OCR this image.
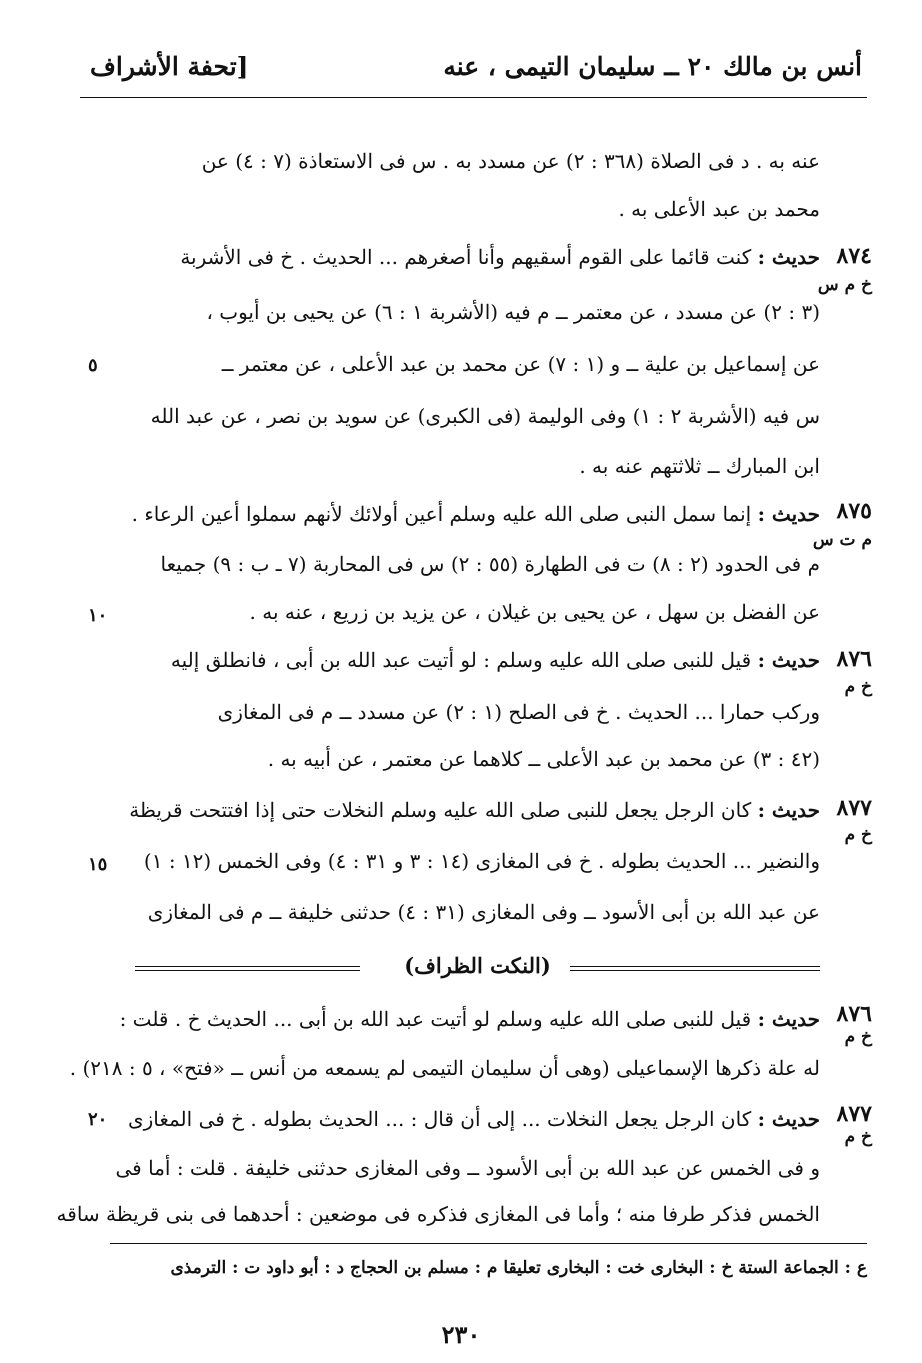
أنس بن مالك ٢٠ ــ سليمان التيمى ، عنه
[تحفة الأشراف
عنه به . د فى الصلاة (٣٦٨ : ٢) عن مسدد به . س فى الاستعاذة (٧ : ٤) عن
محمد بن عبد الأعلى به .
٨٧٤
خ م س
حديث : كنت قائما على القوم أسقيهم وأنا أصغرهم ... الحديث . خ فى الأشربة
(٣ : ٢) عن مسدد ، عن معتمر ــ م فيه (الأشربة ١ : ٦) عن يحيى بن أيوب ،
عن إسماعيل بن علية ــ و (١ : ٧) عن محمد بن عبد الأعلى ، عن معتمر ــ
٥
س فيه (الأشربة ٢ : ١) وفى الوليمة (فى الكبرى) عن سويد بن نصر ، عن عبد الله
ابن المبارك ــ ثلاثتهم عنه به .
٨٧٥
م ت س
حديث : إنما سمل النبى صلى الله عليه وسلم أعين أولائك لأنهم سملوا أعين الرعاء .
م فى الحدود (٢ : ٨) ت فى الطهارة (٥٥ : ٢) س فى المحاربة (٧ ـ ب : ٩) جميعا
عن الفضل بن سهل ، عن يحيى بن غيلان ، عن يزيد بن زريع ، عنه به .
١٠
٨٧٦
خ م
حديث : قيل للنبى صلى الله عليه وسلم : لو أتيت عبد الله بن أبى ، فانطلق إليه
وركب حمارا ... الحديث . خ فى الصلح (١ : ٢) عن مسدد ــ م فى المغازى
(٤٢ : ٣) عن محمد بن عبد الأعلى ــ كلاهما عن معتمر ، عن أبيه به .
٨٧٧
خ م
حديث : كان الرجل يجعل للنبى صلى الله عليه وسلم النخلات حتى إذا افتتحت قريظة
والنضير ... الحديث بطوله . خ فى المغازى (١٤ : ٣ و ٣١ : ٤) وفى الخمس (١٢ : ١)
١٥
عن عبد الله بن أبى الأسود ــ وفى المغازى (٣١ : ٤) حدثنى خليفة ــ م فى المغازى
(النكت الظراف)
٨٧٦
خ م
حديث : قيل للنبى صلى الله عليه وسلم لو أتيت عبد الله بن أبى ... الحديث خ . قلت :
له علة ذكرها الإسماعيلى (وهى أن سليمان التيمى لم يسمعه من أنس ــ «فتح» ، ٥ : ٢١٨) .
٨٧٧
خ م
حديث : كان الرجل يجعل النخلات ... إلى أن قال : ... الحديث بطوله . خ فى المغازى
٢٠
و فى الخمس عن عبد الله بن أبى الأسود ــ وفى المغازى حدثنى خليفة . قلت : أما فى
الخمس فذكر طرفا منه ؛ وأما فى المغازى فذكره فى موضعين : أحدهما فى بنى قريظة ساقه
ع : الجماعة الستة خ : البخارى خت : البخارى تعليقا م : مسلم بن الحجاج د : أبو داود ت : الترمذى
٢٣٠
